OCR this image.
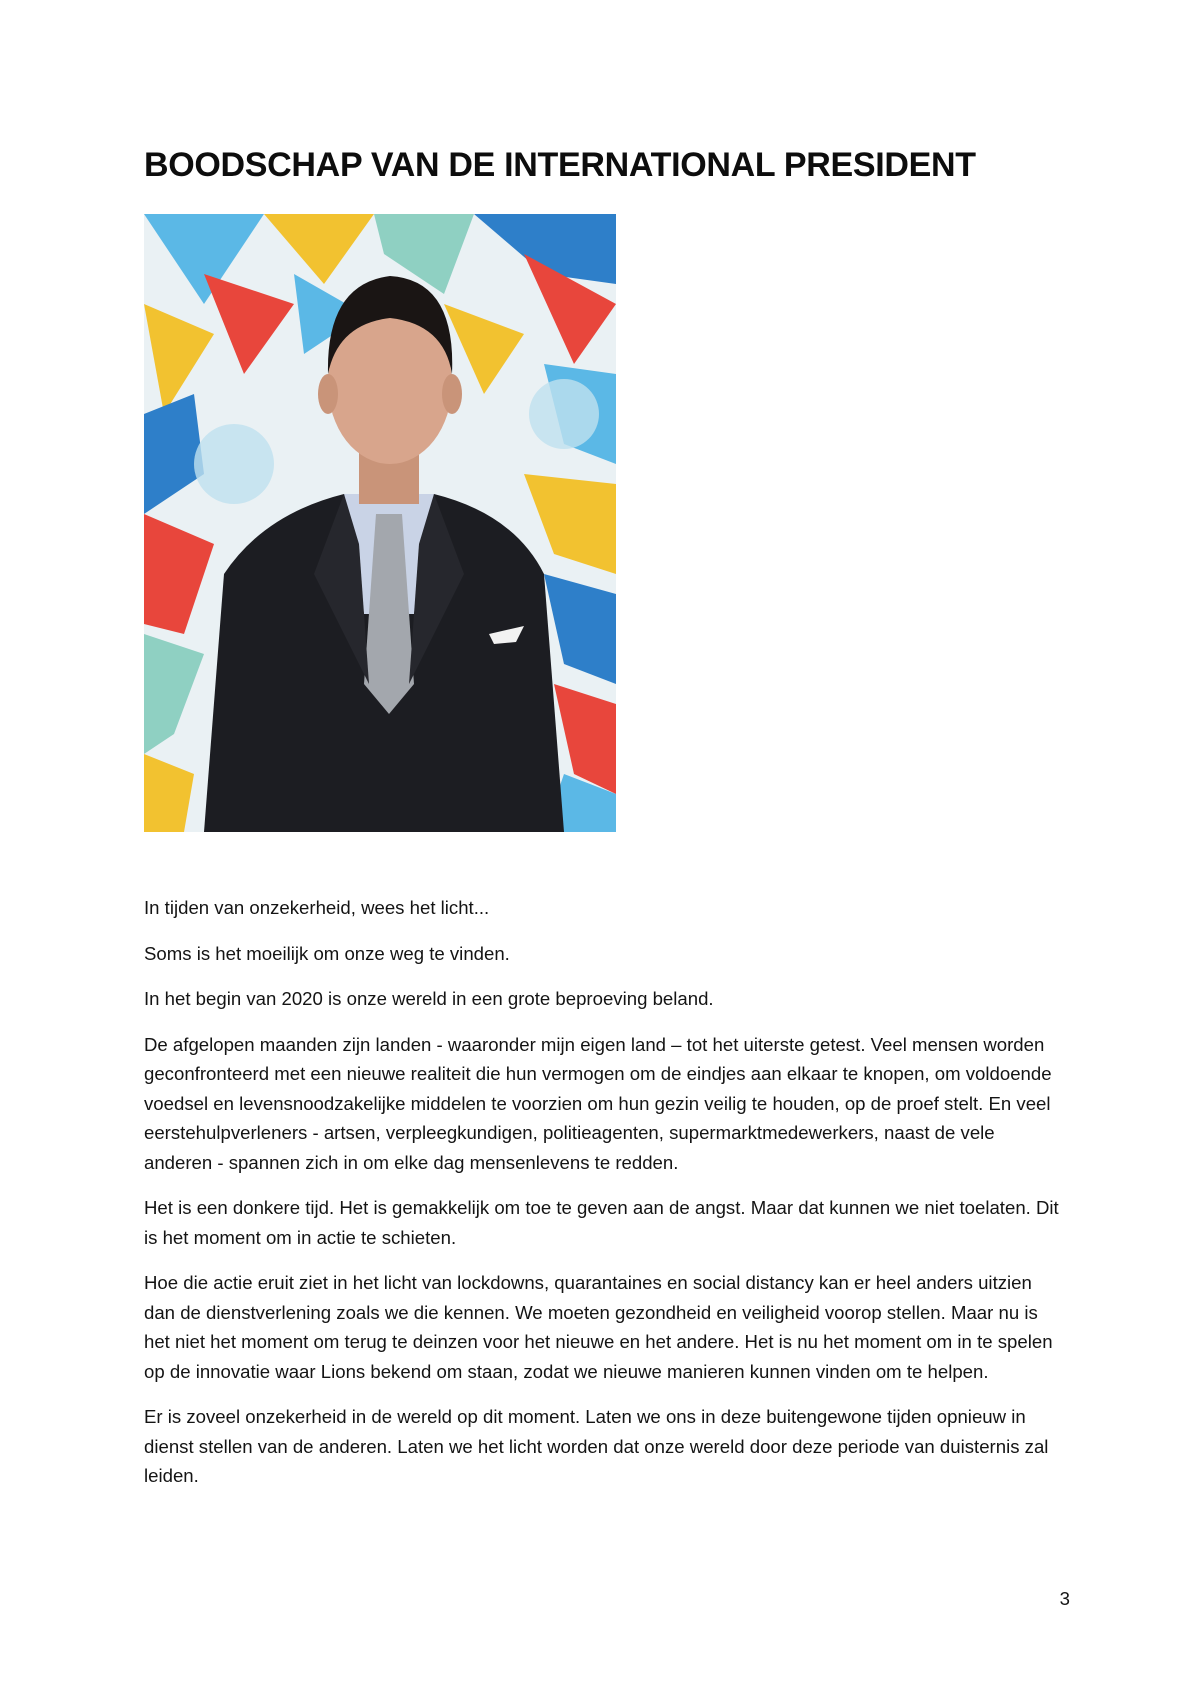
BOODSCHAP VAN DE INTERNATIONAL PRESIDENT

In tijden van onzekerheid, wees het licht...

Soms is het moeilijk om onze weg te vinden.

In het begin van 2020 is onze wereld in een grote beproeving beland.

De afgelopen maanden zijn landen - waaronder mijn eigen land – tot het uiterste getest. Veel mensen worden geconfronteerd met een nieuwe realiteit die hun vermogen om de eindjes aan elkaar te knopen, om voldoende voedsel en levensnoodzakelijke middelen te voorzien om hun gezin veilig te houden, op de proef stelt. En veel eerstehulpverleners - artsen, verpleegkundigen, politieagenten, supermarktmedewerkers, naast de vele anderen - spannen zich in om elke dag mensenlevens te redden.

Het is een donkere tijd. Het is gemakkelijk om toe te geven aan de angst. Maar dat kunnen we niet toelaten. Dit is het moment om in actie te schieten.

Hoe die actie eruit ziet in het licht van lockdowns, quarantaines en social distancy kan er heel anders uitzien dan de dienstverlening zoals we die kennen. We moeten gezondheid en veiligheid voorop stellen. Maar nu is het niet het moment om terug te deinzen voor het nieuwe en het andere. Het is nu het moment om in te spelen op de innovatie waar Lions bekend om staan, zodat we nieuwe manieren kunnen vinden om te helpen.

Er is zoveel onzekerheid in de wereld op dit moment. Laten we ons in deze buitengewone tijden opnieuw in dienst stellen van de anderen. Laten we het licht worden dat onze wereld door deze periode van duisternis zal leiden.

3
